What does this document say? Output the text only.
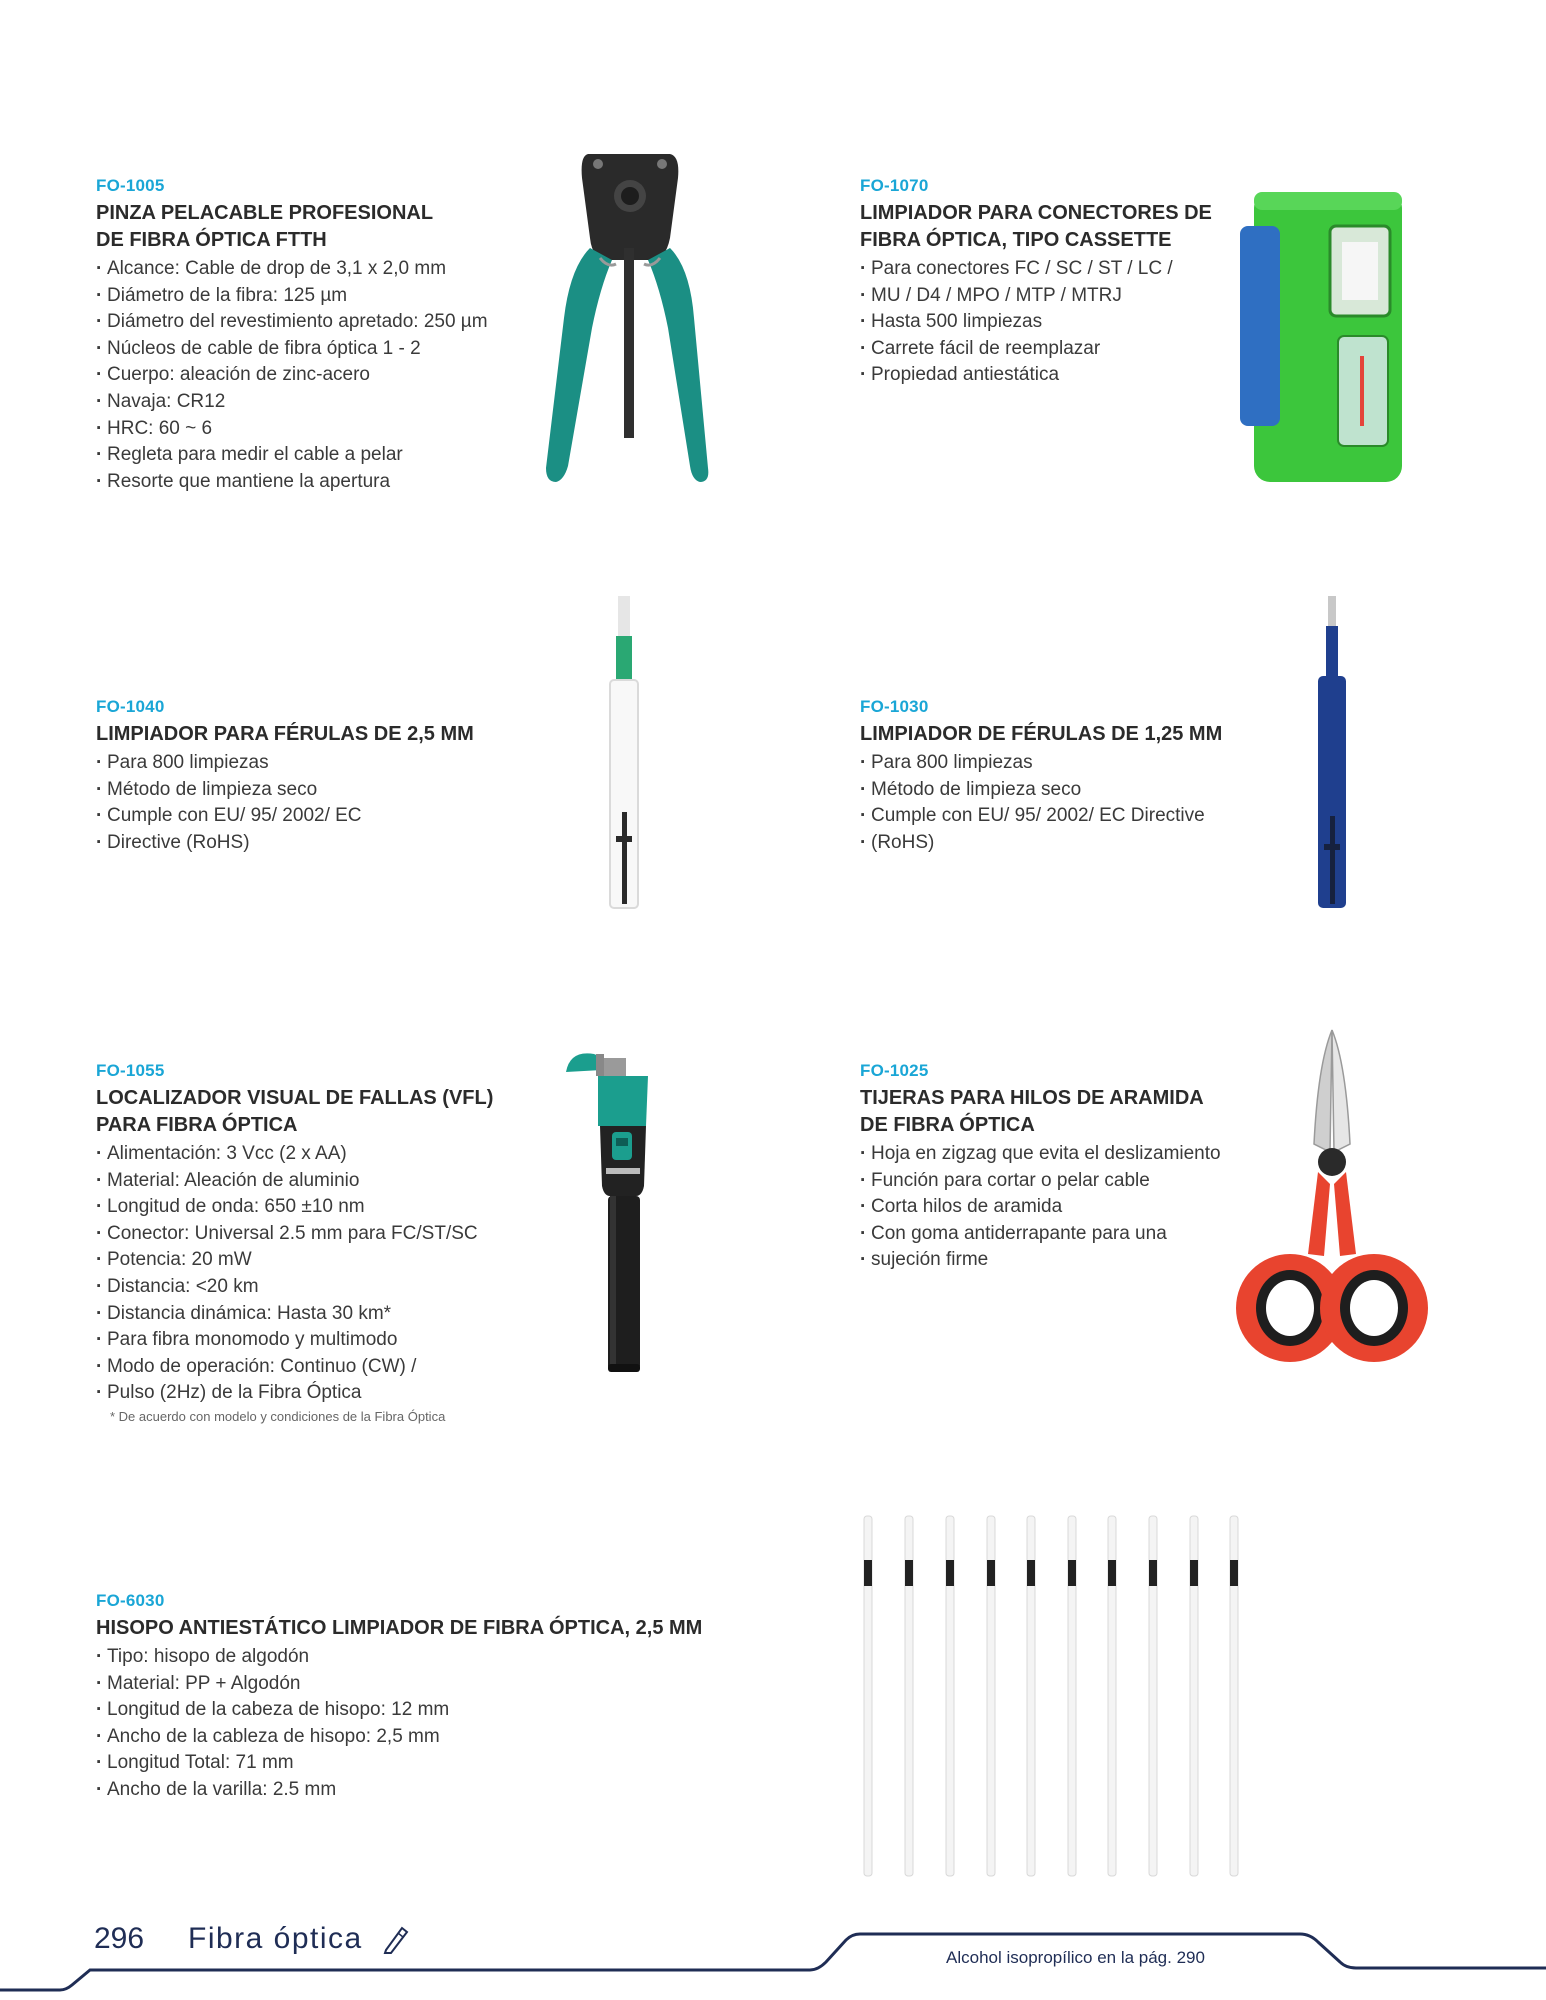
FO-1005
PINZA PELACABLE PROFESIONAL
DE FIBRA ÓPTICA FTTH
· Alcance: Cable de drop de 3,1 x 2,0 mm
· Diámetro de la fibra: 125 µm
· Diámetro del revestimiento apretado: 250 µm
· Núcleos de cable de fibra óptica 1 - 2
· Cuerpo: aleación de zinc-acero
· Navaja: CR12
· HRC: 60 ~ 6
· Regleta para medir el cable a pelar
· Resorte que mantiene la apertura
FO-1070
LIMPIADOR PARA CONECTORES DE
FIBRA ÓPTICA, TIPO CASSETTE
· Para conectores FC / SC / ST / LC /
· MU / D4 / MPO / MTP / MTRJ
· Hasta 500 limpiezas
· Carrete fácil de reemplazar
· Propiedad antiestática
FO-1040
LIMPIADOR PARA FÉRULAS DE 2,5 MM
· Para 800 limpiezas
· Método de limpieza seco
· Cumple con EU/ 95/ 2002/ EC
· Directive (RoHS)
FO-1030
LIMPIADOR DE FÉRULAS DE 1,25 MM
· Para 800 limpiezas
· Método de limpieza seco
· Cumple con EU/ 95/ 2002/ EC Directive
· (RoHS)
FO-1055
LOCALIZADOR VISUAL DE FALLAS (VFL)
PARA FIBRA ÓPTICA
· Alimentación: 3 Vcc (2 x AA)
· Material: Aleación de aluminio
· Longitud de onda: 650 ±10 nm
· Conector: Universal 2.5 mm para FC/ST/SC
· Potencia: 20 mW
· Distancia: <20 km
· Distancia dinámica: Hasta 30 km*
· Para fibra monomodo y multimodo
· Modo de operación: Continuo (CW) /
· Pulso (2Hz) de la Fibra Óptica
* De acuerdo con modelo y condiciones de la Fibra Óptica
FO-1025
TIJERAS PARA HILOS DE ARAMIDA
DE FIBRA ÓPTICA
· Hoja en zigzag que evita el deslizamiento
· Función para cortar o pelar cable
· Corta hilos de aramida
· Con goma antiderrapante para una
· sujeción firme
FO-6030
HISOPO ANTIESTÁTICO LIMPIADOR DE FIBRA ÓPTICA, 2,5 MM
· Tipo: hisopo de algodón
· Material: PP + Algodón
· Longitud de la cabeza de hisopo: 12 mm
· Ancho de la cableza de hisopo: 2,5 mm
· Longitud Total: 71 mm
· Ancho de la varilla: 2.5 mm
296 Fibra óptica
Alcohol isopropílico en la pág. 290
